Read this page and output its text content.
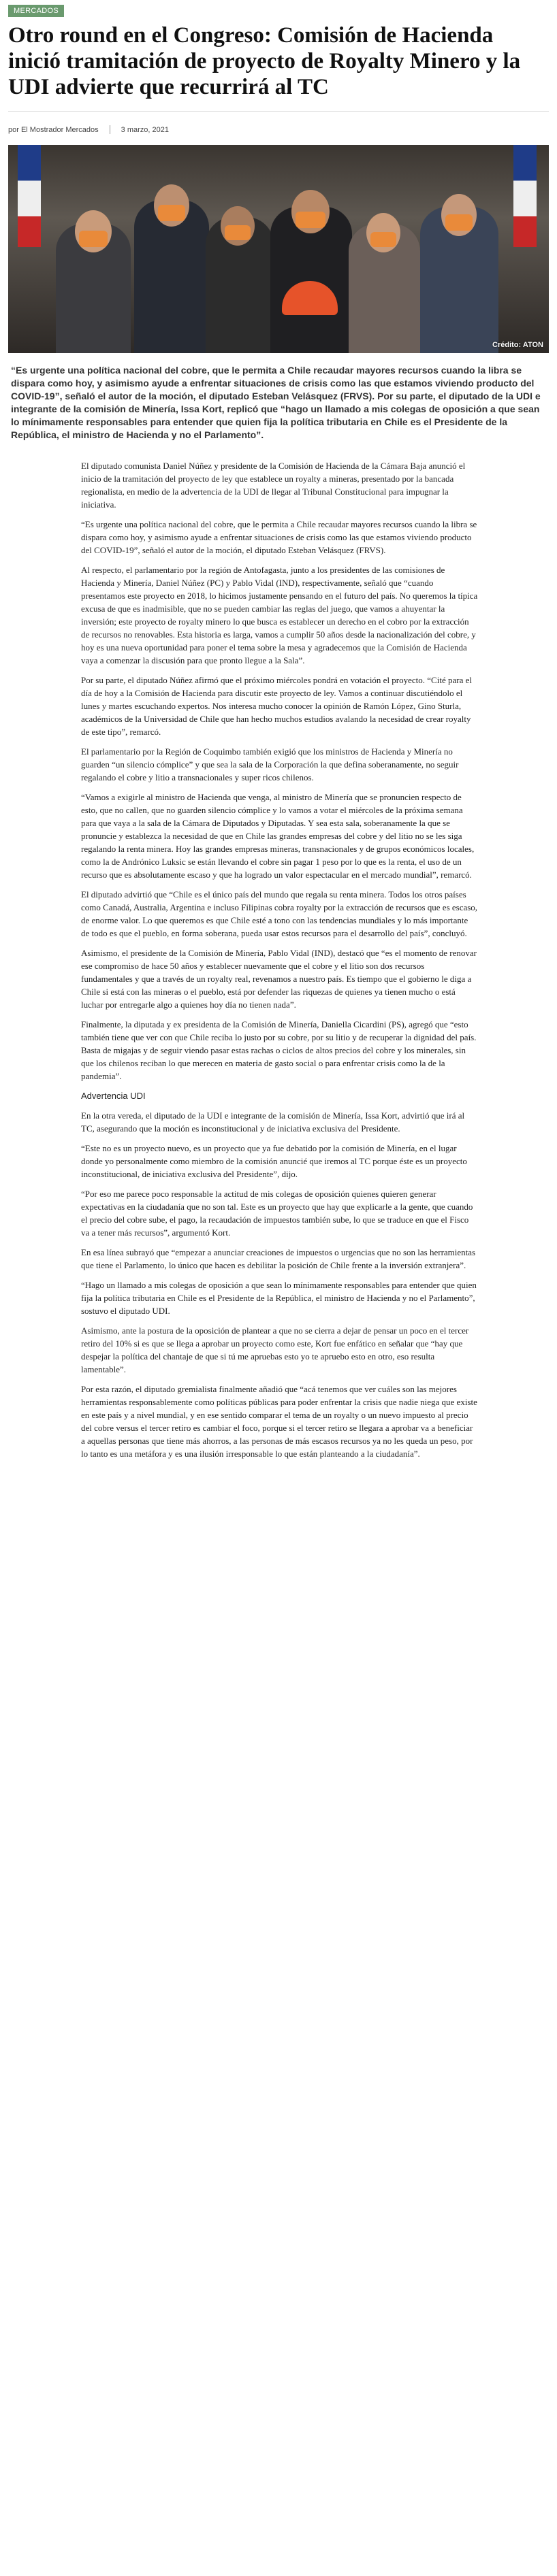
MERCADOS
Otro round en el Congreso: Comisión de Hacienda inició tramitación de proyecto de Royalty Minero y la UDI advierte que recurrirá al TC
por El Mostrador Mercados	3 marzo, 2021
Crédito: ATON

“Es urgente una política nacional del cobre, que le permita a Chile recaudar mayores recursos cuando la libra se dispara como hoy, y asimismo ayude a enfrentar situaciones de crisis como las que estamos viviendo producto del COVID-19”, señaló el autor de la moción, el diputado Esteban Velásquez (FRVS). Por su parte, el diputado de la UDI e integrante de la comisión de Minería, Issa Kort, replicó que “hago un llamado a mis colegas de oposición a que sean lo mínimamente responsables para entender que quien fija la política tributaria en Chile es el Presidente de la República, el ministro de Hacienda y no el Parlamento”.

El diputado comunista Daniel Núñez y presidente de la Comisión de Hacienda de la Cámara Baja anunció el inicio de la tramitación del proyecto de ley que establece un royalty a mineras, presentado por la bancada regionalista, en medio de la advertencia de la UDI de llegar al Tribunal Constitucional para impugnar la iniciativa.

“Es urgente una política nacional del cobre, que le permita a Chile recaudar mayores recursos cuando la libra se dispara como hoy, y asimismo ayude a enfrentar situaciones de crisis como las que estamos viviendo producto del COVID-19”, señaló el autor de la moción, el diputado Esteban Velásquez (FRVS).

Al respecto, el parlamentario por la región de Antofagasta, junto a los presidentes de las comisiones de Hacienda y Minería, Daniel Núñez (PC) y Pablo Vidal (IND), respectivamente, señaló que “cuando presentamos este proyecto en 2018, lo hicimos justamente pensando en el futuro del país. No queremos la típica excusa de que es inadmisible, que no se pueden cambiar las reglas del juego, que vamos a ahuyentar la inversión; este proyecto de royalty minero lo que busca es establecer un derecho en el cobro por la extracción de recursos no renovables. Esta historia es larga, vamos a cumplir 50 años desde la nacionalización del cobre, y hoy es una nueva oportunidad para poner el tema sobre la mesa y agradecemos que la Comisión de Hacienda vaya a comenzar la discusión para que pronto llegue a la Sala”.

Por su parte, el diputado Núñez afirmó que el próximo miércoles pondrá en votación el proyecto. “Cité para el día de hoy a la Comisión de Hacienda para discutir este proyecto de ley. Vamos a continuar discutiéndolo el lunes y martes escuchando expertos. Nos interesa mucho conocer la opinión de Ramón López, Gino Sturla, académicos de la Universidad de Chile que han hecho muchos estudios avalando la necesidad de crear royalty de este tipo”, remarcó.

El parlamentario por la Región de Coquimbo también exigió que los ministros de Hacienda y Minería no guarden “un silencio cómplice” y que sea la sala de la Corporación la que defina soberanamente, no seguir regalando el cobre y litio a transnacionales y super ricos chilenos.

“Vamos a exigirle al ministro de Hacienda que venga, al ministro de Minería que se pronuncien respecto de esto, que no callen, que no guarden silencio cómplice y lo vamos a votar el miércoles de la próxima semana para que vaya a la sala de la Cámara de Diputados y Diputadas. Y sea esta sala, soberanamente la que se pronuncie y establezca la necesidad de que en Chile las grandes empresas del cobre y del litio no se les siga regalando la renta minera. Hoy las grandes empresas mineras, transnacionales y de grupos económicos locales, como la de Andrónico Luksic se están llevando el cobre sin pagar 1 peso por lo que es la renta, el uso de un recurso que es absolutamente escaso y que ha logrado un valor espectacular en el mercado mundial”, remarcó.

El diputado advirtió que “Chile es el único país del mundo que regala su renta minera. Todos los otros países como Canadá, Australia, Argentina e incluso Filipinas cobra royalty por la extracción de recursos que es escaso, de enorme valor. Lo que queremos es que Chile esté a tono con las tendencias mundiales y lo más importante de todo es que el pueblo, en forma soberana, pueda usar estos recursos para el desarrollo del país”, concluyó.

Asimismo, el presidente de la Comisión de Minería, Pablo Vidal (IND), destacó que “es el momento de renovar ese compromiso de hace 50 años y establecer nuevamente que el cobre y el litio son dos recursos fundamentales y que a través de un royalty real, revenamos a nuestro país. Es tiempo que el gobierno le diga a Chile si está con las mineras o el pueblo, está por defender las riquezas de quienes ya tienen mucho o está luchar por entregarle algo a quienes hoy día no tienen nada”.

Finalmente, la diputada y ex presidenta de la Comisión de Minería, Daniella Cicardini (PS), agregó que “esto también tiene que ver con que Chile reciba lo justo por su cobre, por su litio y de recuperar la dignidad del país. Basta de migajas y de seguir viendo pasar estas rachas o ciclos de altos precios del cobre y los minerales, sin que los chilenos reciban lo que merecen en materia de gasto social o para enfrentar crisis como la de la pandemia”.

Advertencia UDI

En la otra vereda, el diputado de la UDI e integrante de la comisión de Minería, Issa Kort, advirtió que irá al TC, asegurando que la moción es inconstitucional y de iniciativa exclusiva del Presidente.

“Este no es un proyecto nuevo, es un proyecto que ya fue debatido por la comisión de Minería, en el lugar donde yo personalmente como miembro de la comisión anuncié que iremos al TC porque éste es un proyecto inconstitucional, de iniciativa exclusiva del Presidente”, dijo.

“Por eso me parece poco responsable la actitud de mis colegas de oposición quienes quieren generar expectativas en la ciudadanía que no son tal. Este es un proyecto que hay que explicarle a la gente, que cuando el precio del cobre sube, el pago, la recaudación de impuestos también sube, lo que se traduce en que el Fisco va a tener más recursos”, argumentó Kort.

En esa línea subrayó que “empezar a anunciar creaciones de impuestos o urgencias que no son las herramientas que tiene el Parlamento, lo único que hacen es debilitar la posición de Chile frente a la inversión extranjera”.

“Hago un llamado a mis colegas de oposición a que sean lo mínimamente responsables para entender que quien fija la política tributaria en Chile es el Presidente de la República, el ministro de Hacienda y no el Parlamento”, sostuvo el diputado UDI.

Asimismo, ante la postura de la oposición de plantear a que no se cierra a dejar de pensar un poco en el tercer retiro del 10% si es que se llega a aprobar un proyecto como este, Kort fue enfático en señalar que “hay que despejar la política del chantaje de que si tú me apruebas esto yo te apruebo esto en otro, eso resulta lamentable”.

Por esta razón, el diputado gremialista finalmente añadió que “acá tenemos que ver cuáles son las mejores herramientas responsablemente como políticas públicas para poder enfrentar la crisis que nadie niega que existe en este país y a nivel mundial, y en ese sentido comparar el tema de un royalty o un nuevo impuesto al precio del cobre versus el tercer retiro es cambiar el foco, porque si el tercer retiro se llegara a aprobar va a beneficiar a aquellas personas que tiene más ahorros, a las personas de más escasos recursos ya no les queda un peso, por lo tanto es una metáfora y es una ilusión irresponsable lo que están planteando a la ciudadanía”.
